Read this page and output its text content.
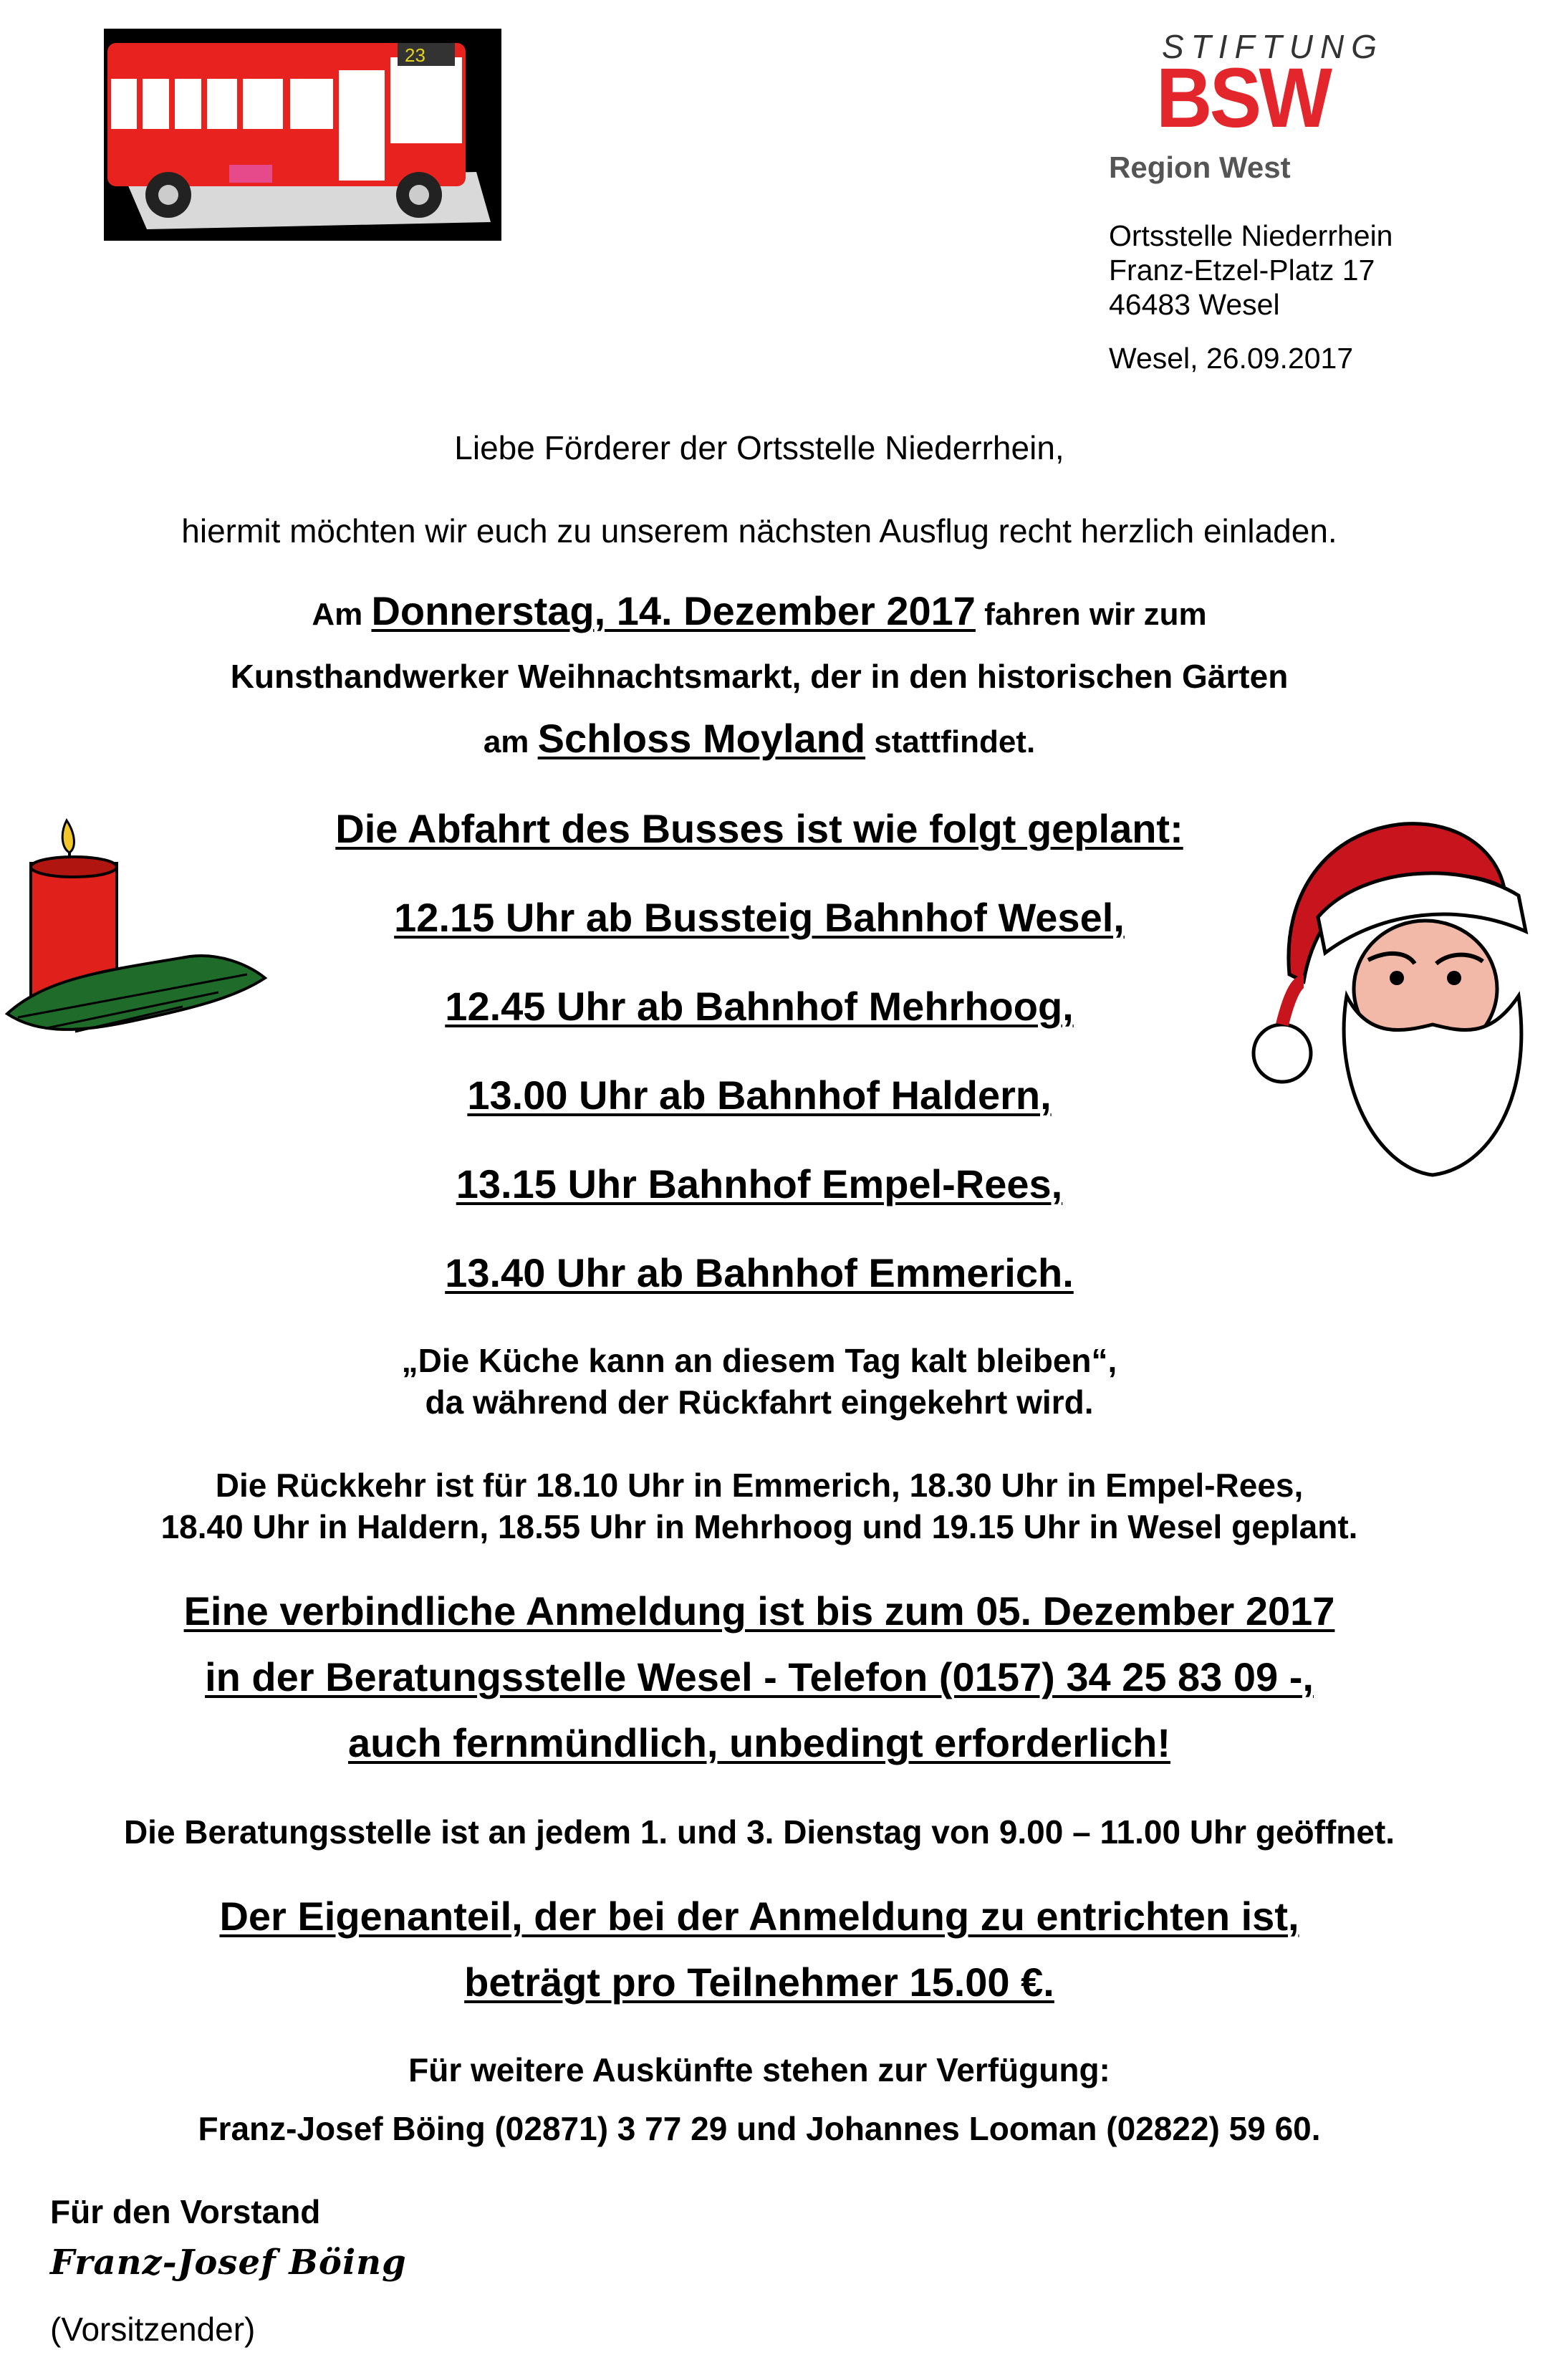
23	STIFTUNG
BSW
Region West
Ortsstelle Niederrhein
Franz-Etzel-Platz 17
46483 Wesel
Wesel, 26.09.2017
Liebe Förderer der Ortsstelle Niederrhein,
hiermit möchten wir euch zu unserem nächsten Ausflug recht herzlich einladen.
Am Donnerstag, 14. Dezember 2017 fahren wir zum
Kunsthandwerker Weihnachtsmarkt, der in den historischen Gärten
am Schloss Moyland stattfindet.
Die Abfahrt des Busses ist wie folgt geplant:
12.15 Uhr ab Bussteig Bahnhof Wesel,
12.45 Uhr ab Bahnhof Mehrhoog,
13.00 Uhr ab Bahnhof Haldern,
13.15 Uhr Bahnhof Empel-Rees,
13.40 Uhr ab Bahnhof Emmerich.
„Die Küche kann an diesem Tag kalt bleiben“,
da während der Rückfahrt eingekehrt wird.
Die Rückkehr ist für 18.10 Uhr in Emmerich, 18.30 Uhr in Empel-Rees,
18.40 Uhr in Haldern, 18.55 Uhr in Mehrhoog und 19.15 Uhr in Wesel geplant.
Eine verbindliche Anmeldung ist bis zum 05. Dezember 2017
in der Beratungsstelle Wesel - Telefon (0157) 34 25 83 09 -,
auch fernmündlich, unbedingt erforderlich!
Die Beratungsstelle ist an jedem 1. und 3. Dienstag von 9.00 – 11.00 Uhr geöffnet.
Der Eigenanteil, der bei der Anmeldung zu entrichten ist,
beträgt pro Teilnehmer 15.00 €.
Für weitere Auskünfte stehen zur Verfügung:
Franz-Josef Böing (02871) 3 77 29 und Johannes Looman (02822) 59 60.
Für den Vorstand
Franz-Josef Böing
(Vorsitzender)
